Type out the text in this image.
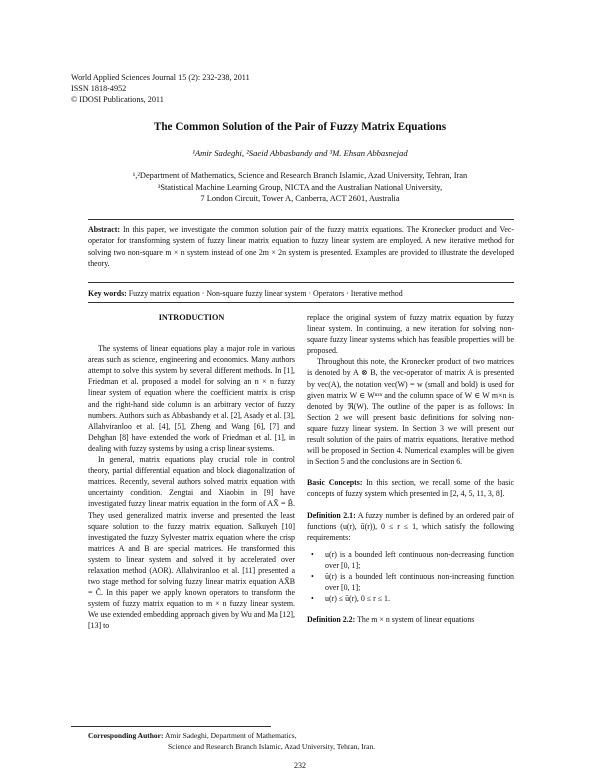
World Applied Sciences Journal 15 (2): 232-238, 2011
ISSN 1818-4952
© IDOSI Publications, 2011
The Common Solution of the Pair of Fuzzy Matrix Equations
¹Amir Sadeghi, ²Saeid Abbasbandy and ³M. Ehsan Abbasnejad
¹,²Department of Mathematics, Science and Research Branch Islamic, Azad University, Tehran, Iran
³Statistical Machine Learning Group, NICTA and the Australian National University,
7 London Circuit, Tower A, Canberra, ACT 2601, Australia
Abstract: In this paper, we investigate the common solution pair of the fuzzy matrix equations. The Kronecker product and Vec-operator for transforming system of fuzzy linear matrix equation to fuzzy linear system are employed. A new iterative method for solving two non-square m × n system instead of one 2m × 2n system is presented. Examples are provided to illustrate the developed theory.
Key words: Fuzzy matrix equation · Non-square fuzzy linear system · Operators · Iterative method
INTRODUCTION

The systems of linear equations play a major role in various areas such as science, engineering and economics. Many authors attempt to solve this system by several different methods. In [1], Friedman et al. proposed a model for solving an n × n fuzzy linear system of equation where the coefficient matrix is crisp and the right-hand side column is an arbitrary vector of fuzzy numbers. Authors such as Abbasbandy et al. [2], Asady et al. [3], Allahviranloo et al. [4], [5], Zheng and Wang [6], [7] and Dehghan [8] have extended the work of Friedman et al. [1], in dealing with fuzzy systems by using a crisp linear systems.

In general, matrix equations play crucial role in control theory, partial differential equation and block diagonalization of matrices. Recently, several authors solved matrix equation with uncertainty condition. Zengtai and Xiaobin in [9] have investigated fuzzy linear matrix equation in the form of AX̃ = B̃. They used generalized matrix inverse and presented the least square solution to the fuzzy matrix equation. Salkuyeh [10] investigated the fuzzy Sylvester matrix equation where the crisp matrices A and B are special matrices. He transformed this system to linear system and solved it by accelerated over relaxation method (AOR). Allahviranloo et al. [11] presented a two stage method for solving fuzzy linear matrix equation AX̃B = C̃. In this paper we apply known operators to transform the system of fuzzy matrix equation to m × n fuzzy linear system. We use extended embedding approach given by Wu and Ma [12], [13] to

replace the original system of fuzzy matrix equation by fuzzy linear system. In continuing, a new iteration for solving non-square fuzzy linear systems which has feasible properties will be proposed.

Throughout this note, the Kronecker product of two matrices is denoted by A ⊗ B, the vec-operator of matrix A is presented by vec(A), the notation vec(W) = w (small and bold) is used for given matrix W ∈ Wⁿˣⁿ and the column space of W ∈ W m×n is denoted by ℜ(W). The outline of the paper is as follows: In Section 2 we will present basic definitions for solving non-square fuzzy linear system. In Section 3 we will present our result solution of the pairs of matrix equations. Iterative method will be proposed in Section 4. Numerical examples will be given in Section 5 and the conclusions are in Section 6.

Basic Concepts: In this section, we recall some of the basic concepts of fuzzy system which presented in [2, 4, 5, 11, 3, 8].

Definition 2.1: A fuzzy number is defined by an ordered pair of functions (u(r), ū(r)), 0 ≤ r ≤ 1, which satisfy the following requirements:

• u(r) is a bounded left continuous non-decreasing function over [0, 1];
• ū(r) is a bounded left continuous non-increasing function over [0, 1];
• u(r) ≤ ū(r), 0 ≤ r ≤ 1.

Definition 2.2: The m × n system of linear equations

Corresponding Author: Amir Sadeghi, Department of Mathematics,
Science and Research Branch Islamic, Azad University, Tehran, Iran.
232
